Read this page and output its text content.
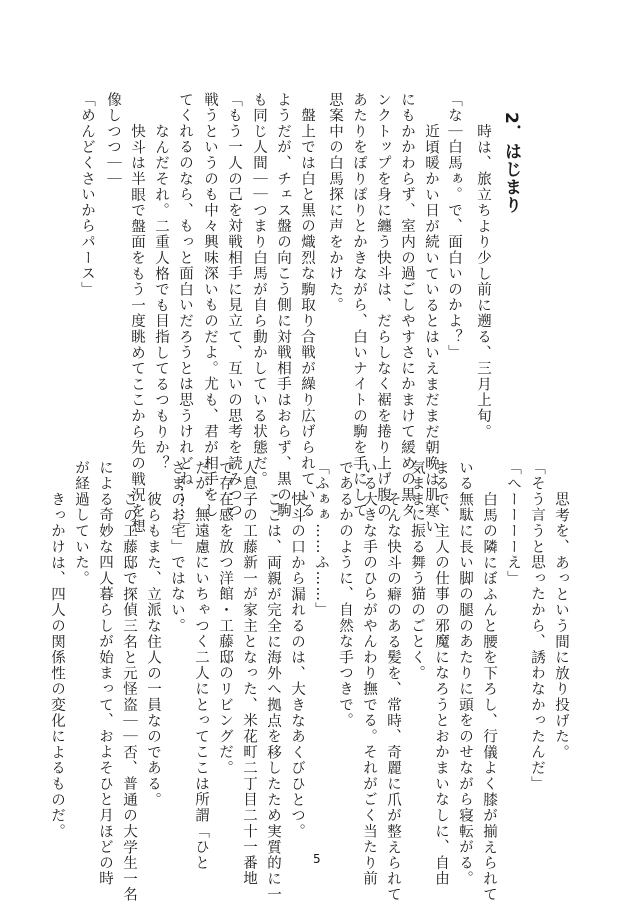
2．はじまり
　時は、旅立ちより少し前に遡る、三月上旬。
「な｜白馬ぁ。で、面白いのかよ？」
　近頃暖かい日が続いているとはいえまだまだ朝晩は肌寒い
にもかかわらず、室内の過ごしやすさにかまけて緩めの黒タ
ンクトップを身に纏う快斗は、だらしなく裾を捲り上げ腹の
あたりをぽりぽりとかきながら、白いナイトの駒を手にして
思案中の白馬探に声をかけた。
　盤上では白と黒の熾烈な駒取り合戦が繰り広げられている
ようだが、チェス盤の向こう側に対戦相手はおらず、黒の駒
も同じ人間｜｜つまり白馬が自ら動かしている状態だ。
「もう一人の己を対戦相手に見立て、互いの思考を読みつつ
戦うというのも中々興味深いものだよ。尤も、君が相手をし
てくれるのなら、もっと面白いだろうとは思うけれどね……」
　なんだそれ。二重人格でも目指してるつもりか？
　快斗は半眼で盤面をもう一度眺めてここから先の戦況を想
像しつつ｜｜
「めんどくさいからパース」
　思考を、あっという間に放り投げた。
「そう言うと思ったから、誘わなかったんだ」
「へーーーーえ」
　白馬の隣にぼふんと腰を下ろし、行儀よく膝が揃えられて
いる無駄に長い脚の腿のあたりに頭をのせながら寝転がる。
まるで、主人の仕事の邪魔になろうとおかまいなしに、自由
気ままに振る舞う猫のごとく。
　そんな快斗の癖のある髪を、常時、奇麗に爪が整えられて
いる大きな手のひらがやんわり撫でる。それがごく当たり前
であるかのように、自然な手つきで。
「ふぁぁ……ふ……」
　快斗の口から漏れるのは、大きなあくびひとつ。
　ここは、両親が完全に海外へ拠点を移したため実質的に一
人息子の工藤新一が家主となった、米花町二丁目二十一番地
で存在感を放つ洋館・工藤邸のリビングだ。
だが、無遠慮にいちゃつく二人にとってここは所謂「ひと
さまのお宅」ではない。
　彼らもまた、立派な住人の一員なのである。
　この工藤邸で探偵三名と元怪盗｜｜否、普通の大学生一名
による奇妙な四人暮らしが始まって、およそひと月ほどの時
が経過していた。
　きっかけは、四人の関係性の変化によるものだ。
5
